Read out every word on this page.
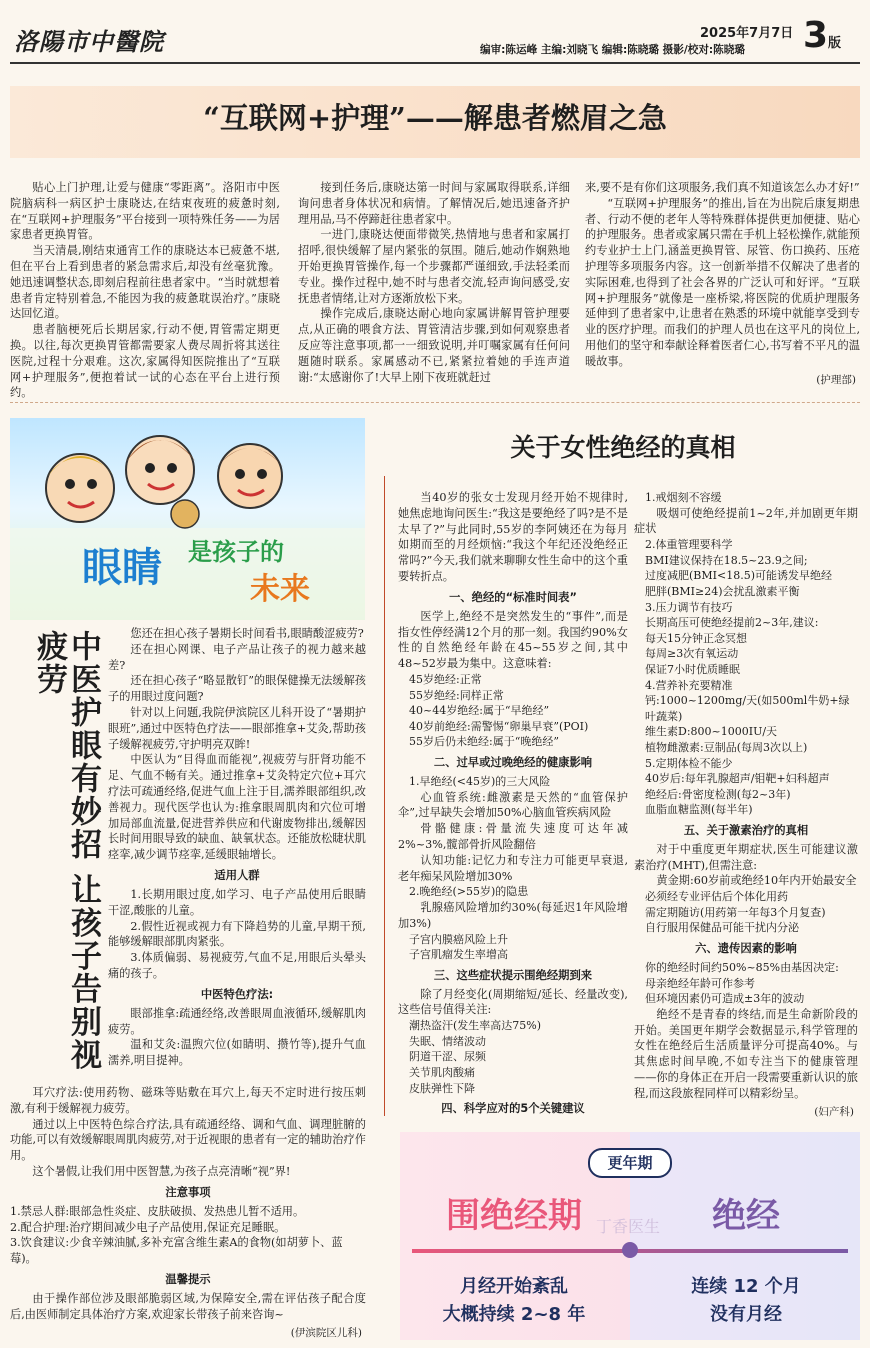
洛陽市中醫院	2025年7月7日 3 版
编审:陈运峰 主编:刘晓飞 编辑:陈晓璐 摄影/校对:陈晓璐
“互联网+护理”——解患者燃眉之急

贴心上门护理,让爱与健康“零距离”。洛阳市中医院脑病科一病区护士康晓达,在结束夜班的疲惫时刻,在“互联网+护理服务”平台接到一项特殊任务——为居家患者更换胃管。

当天清晨,刚结束通宵工作的康晓达本已疲惫不堪,但在平台上看到患者的紧急需求后,却没有丝毫犹豫。她迅速调整状态,即刻启程前往患者家中。“当时就想着患者肯定特别着急,不能因为我的疲惫耽误治疗。”康晓达回忆道。

患者脑梗死后长期居家,行动不便,胃管需定期更换。以往,每次更换胃管都需要家人费尽周折将其送往医院,过程十分艰难。这次,家属得知医院推出了“互联网+护理服务”,便抱着试一试的心态在平台上进行预约。

接到任务后,康晓达第一时间与家属取得联系,详细询问患者身体状况和病情。了解情况后,她迅速备齐护理用品,马不停蹄赶往患者家中。

一进门,康晓达便面带微笑,热情地与患者和家属打招呼,很快缓解了屋内紧张的氛围。随后,她动作娴熟地开始更换胃管操作,每一个步骤都严谨细致,手法轻柔而专业。操作过程中,她不时与患者交流,轻声询问感受,安抚患者情绪,让对方逐渐放松下来。

操作完成后,康晓达耐心地向家属讲解胃管护理要点,从正确的喂食方法、胃管清洁步骤,到如何观察患者反应等注意事项,都一一细致说明,并叮嘱家属有任何问题随时联系。家属感动不已,紧紧拉着她的手连声道谢:“太感谢你了!大早上刚下夜班就赶过

来,要不是有你们这项服务,我们真不知道该怎么办才好!”

“互联网+护理服务”的推出,旨在为出院后康复期患者、行动不便的老年人等特殊群体提供更加便捷、贴心的护理服务。患者或家属只需在手机上轻松操作,就能预约专业护士上门,涵盖更换胃管、尿管、伤口换药、压疮护理等多项服务内容。这一创新举措不仅解决了患者的实际困难,也得到了社会各界的广泛认可和好评。“互联网+护理服务”就像是一座桥梁,将医院的优质护理服务延伸到了患者家中,让患者在熟悉的环境中就能享受到专业的医疗护理。而我们的护理人员也在这平凡的岗位上,用他们的坚守和奉献诠释着医者仁心,书写着不平凡的温暖故事。

(护理部)

眼睛 是孩子的
未来
中医护眼有妙招 让孩子告别视疲劳	您还在担心孩子暑期长时间看书,眼睛酸涩疲劳?

还在担心网课、电子产品让孩子的视力越来越差?

还在担心孩子“略显散钉”的眼保健操无法缓解孩子的用眼过度问题?

针对以上问题,我院伊滨院区儿科开设了“暑期护眼班”,通过中医特色疗法——眼部推拿+艾灸,帮助孩子缓解视疲劳,守护明亮双眸!

中医认为“目得血而能视”,视疲劳与肝肾功能不足、气血不畅有关。通过推拿+艾灸特定穴位+耳穴疗法可疏通经络,促进气血上注于目,濡养眼部组织,改善视力。现代医学也认为:推拿眼周肌肉和穴位可增加局部血流量,促进营养供应和代谢废物排出,缓解因长时间用眼导致的缺血、缺氧状态。还能放松睫状肌痉挛,减少调节痉挛,延缓眼轴增长。

适用人群

1.长期用眼过度,如学习、电子产品使用后眼睛干涩,酸胀的儿童。

2.假性近视或视力有下降趋势的儿童,早期干预,能够缓解眼部肌肉紧张。

3.体质偏弱、易视疲劳,气血不足,用眼后头晕头痛的孩子。

中医特色疗法:

眼部推拿:疏通经络,改善眼周血液循环,缓解肌肉疲劳。

温和艾灸:温煦穴位(如睛明、攒竹等),提升气血濡养,明目提神。

耳穴疗法:使用药物、磁珠等贴敷在耳穴上,每天不定时进行按压刺激,有利于缓解视力疲劳。

通过以上中医特色综合疗法,具有疏通经络、调和气血、调理脏腑的功能,可以有效缓解眼周肌肉疲劳,对于近视眼的患者有一定的辅助治疗作用。

这个暑假,让我们用中医智慧,为孩子点亮清晰“视”界!

注意事项

1.禁忌人群:眼部急性炎症、皮肤破损、发热患儿暂不适用。

2.配合护理:治疗期间减少电子产品使用,保证充足睡眠。

3.饮食建议:少食辛辣油腻,多补充富含维生素A的食物(如胡萝卜、蓝莓)。

温馨提示

由于操作部位涉及眼部脆弱区域,为保障安全,需在评估孩子配合度后,由医师制定具体治疗方案,欢迎家长带孩子前来咨询~

(伊滨院区儿科)

关于女性绝经的真相

当40岁的张女士发现月经开始不规律时,她焦虑地询问医生:“我这是要绝经了吗?是不是太早了?”与此同时,55岁的李阿姨还在为每月如期而至的月经烦恼:“我这个年纪还没绝经正常吗?”今天,我们就来聊聊女性生命中的这个重要转折点。

一、绝经的“标准时间表”

医学上,绝经不是突然发生的“事件”,而是指女性停经满12个月的那一刻。我国约90%女性的自然绝经年龄在45~55岁之间,其中48~52岁最为集中。这意味着:

45岁绝经:正常

55岁绝经:同样正常

40~44岁绝经:属于“早绝经”

40岁前绝经:需警惕“卵巢早衰”(POI)

55岁后仍未绝经:属于“晚绝经”

二、过早或过晚绝经的健康影响

1.早绝经(<45岁)的三大风险

心血管系统:雌激素是天然的“血管保护伞”,过早缺失会增加50%心脑血管疾病风险

骨骼健康:骨量流失速度可达年减2%~3%,髋部骨折风险翻倍

认知功能:记忆力和专注力可能更早衰退,老年痴呆风险增加30%

2.晚绝经(>55岁)的隐患

乳腺癌风险增加约30%(每延迟1年风险增加3%)

子宫内膜癌风险上升

子宫肌瘤发生率增高

三、这些症状提示围绝经期到来

除了月经变化(周期缩短/延长、经量改变),这些信号值得关注:

潮热盗汗(发生率高达75%)

失眠、情绪波动

阴道干涩、尿频

关节肌肉酸痛

皮肤弹性下降

四、科学应对的5个关键建议

1.戒烟刻不容缓

吸烟可使绝经提前1~2年,并加剧更年期症状

2.体重管理要科学

BMI建议保持在18.5~23.9之间;

过度减肥(BMI<18.5)可能诱发早绝经

肥胖(BMI≥24)会扰乱激素平衡

3.压力调节有技巧

长期高压可使绝经提前2~3年,建议:

每天15分钟正念冥想

每周≥3次有氧运动

保证7小时优质睡眠

4.营养补充要精准

钙:1000~1200mg/天(如500ml牛奶+绿叶蔬菜)

维生素D:800~1000IU/天

植物雌激素:豆制品(每周3次以上)

5.定期体检不能少

40岁后:每年乳腺超声/钼靶+妇科超声

绝经后:骨密度检测(每2~3年)

血脂血糖监测(每半年)

五、关于激素治疗的真相

对于中重度更年期症状,医生可能建议激素治疗(MHT),但需注意:

黄金期:60岁前或绝经10年内开始最安全

必须经专业评估后个体化用药

需定期随访(用药第一年每3个月复查)

自行服用保健品可能干扰内分泌

六、遗传因素的影响

你的绝经时间约50%~85%由基因决定:

母亲绝经年龄可作参考

但环境因素仍可造成±3年的波动

绝经不是青春的终结,而是生命新阶段的开始。美国更年期学会数据显示,科学管理的女性在绝经后生活质量评分可提高40%。与其焦虑时间早晚,不如专注当下的健康管理——你的身体正在开启一段需要重新认识的旅程,而这段旅程同样可以精彩纷呈。

(妇产科)

更年期
围绝经期	绝经
丁香医生
月经开始紊乱
大概持续 2~8 年
连续 12 个月
没有月经
